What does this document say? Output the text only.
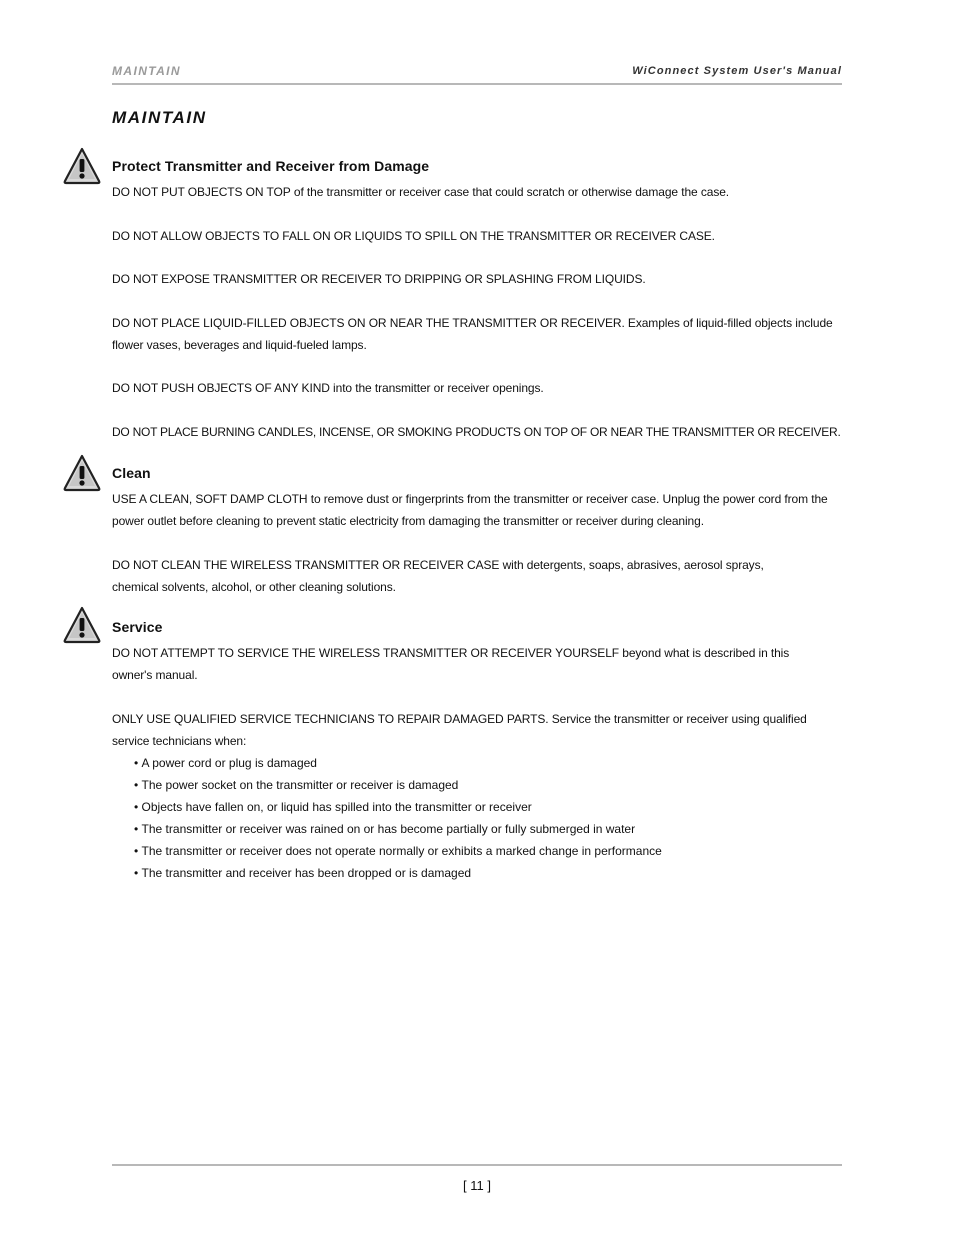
MAINTAIN	WiConnect System User's Manual
MAINTAIN
Protect Transmitter and Receiver from Damage

DO NOT PUT OBJECTS ON TOP of the transmitter or receiver case that could scratch or otherwise damage the case.

DO NOT ALLOW OBJECTS TO FALL ON OR LIQUIDS TO SPILL ON THE TRANSMITTER OR RECEIVER CASE.

DO NOT EXPOSE TRANSMITTER OR RECEIVER TO DRIPPING OR SPLASHING FROM LIQUIDS.

DO NOT PLACE LIQUID-FILLED OBJECTS ON OR NEAR THE TRANSMITTER OR RECEIVER. Examples of liquid-filled objects include flower vases, beverages and liquid-fueled lamps.

DO NOT PUSH OBJECTS OF ANY KIND into the transmitter or receiver openings.

DO NOT PLACE BURNING CANDLES, INCENSE, OR SMOKING PRODUCTS ON TOP OF OR NEAR THE TRANSMITTER OR RECEIVER.

Clean

USE A CLEAN, SOFT DAMP CLOTH to remove dust or fingerprints from the transmitter or receiver case. Unplug the power cord from the power outlet before cleaning to prevent static electricity from damaging the transmitter or receiver during cleaning.

DO NOT CLEAN THE WIRELESS TRANSMITTER OR RECEIVER CASE with detergents, soaps, abrasives, aerosol sprays, chemical solvents, alcohol, or other cleaning solutions.

Service

DO NOT ATTEMPT TO SERVICE THE WIRELESS TRANSMITTER OR RECEIVER YOURSELF beyond what is described in this owner's manual.

ONLY USE QUALIFIED SERVICE TECHNICIANS TO REPAIR DAMAGED PARTS. Service the transmitter or receiver using qualified service technicians when:

• A power cord or plug is damaged
• The power socket on the transmitter or receiver is damaged
• Objects have fallen on, or liquid has spilled into the transmitter or receiver
• The transmitter or receiver was rained on or has become partially or fully submerged in water
• The transmitter or receiver does not operate normally or exhibits a marked change in performance
• The transmitter and receiver has been dropped or is damaged
[ 11 ]
